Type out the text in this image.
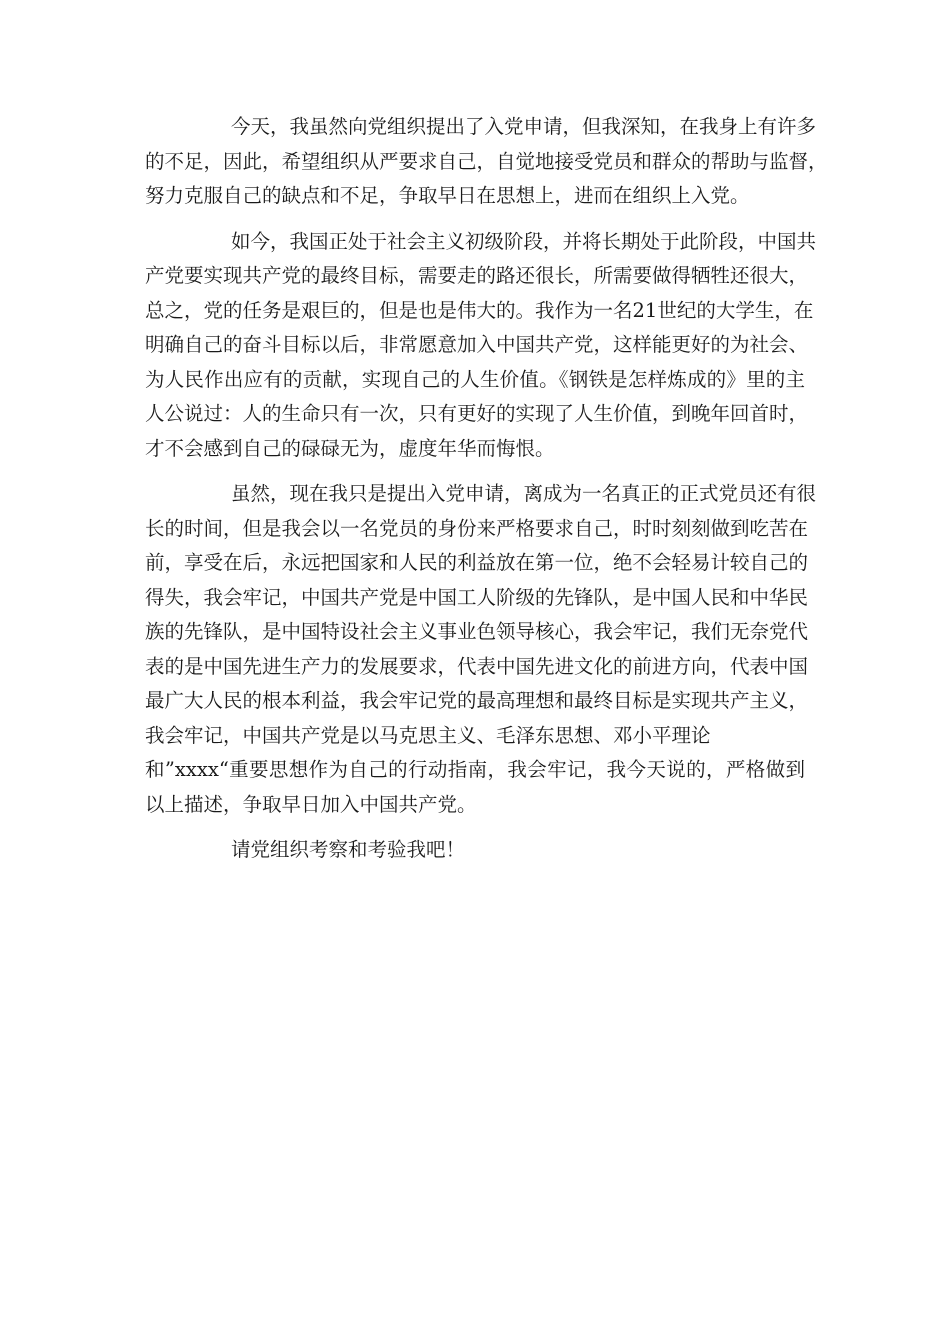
今天，我虽然向党组织提出了入党申请，但我深知，在我身上有许多
的不足，因此，希望组织从严要求自己，自觉地接受党员和群众的帮助与监督，
努力克服自己的缺点和不足，争取早日在思想上，进而在组织上入党。

如今，我国正处于社会主义初级阶段，并将长期处于此阶段，中国共
产党要实现共产党的最终目标，需要走的路还很长，所需要做得牺牲还很大，
总之，党的任务是艰巨的，但是也是伟大的。我作为一名21世纪的大学生，在
明确自己的奋斗目标以后，非常愿意加入中国共产党，这样能更好的为社会、
为人民作出应有的贡献，实现自己的人生价值。《钢铁是怎样炼成的》里的主
人公说过：人的生命只有一次，只有更好的实现了人生价值，到晚年回首时，
才不会感到自己的碌碌无为，虚度年华而悔恨。

虽然，现在我只是提出入党申请，离成为一名真正的正式党员还有很
长的时间，但是我会以一名党员的身份来严格要求自己，时时刻刻做到吃苦在
前，享受在后，永远把国家和人民的利益放在第一位，绝不会轻易计较自己的
得失，我会牢记，中国共产党是中国工人阶级的先锋队，是中国人民和中华民
族的先锋队，是中国特设社会主义事业色领导核心，我会牢记，我们无奈党代
表的是中国先进生产力的发展要求，代表中国先进文化的前进方向，代表中国
最广大人民的根本利益，我会牢记党的最高理想和最终目标是实现共产主义，
我会牢记，中国共产党是以马克思主义、毛泽东思想、邓小平理论
和”xxxx“重要思想作为自己的行动指南，我会牢记，我今天说的，严格做到
以上描述，争取早日加入中国共产党。

请党组织考察和考验我吧！
